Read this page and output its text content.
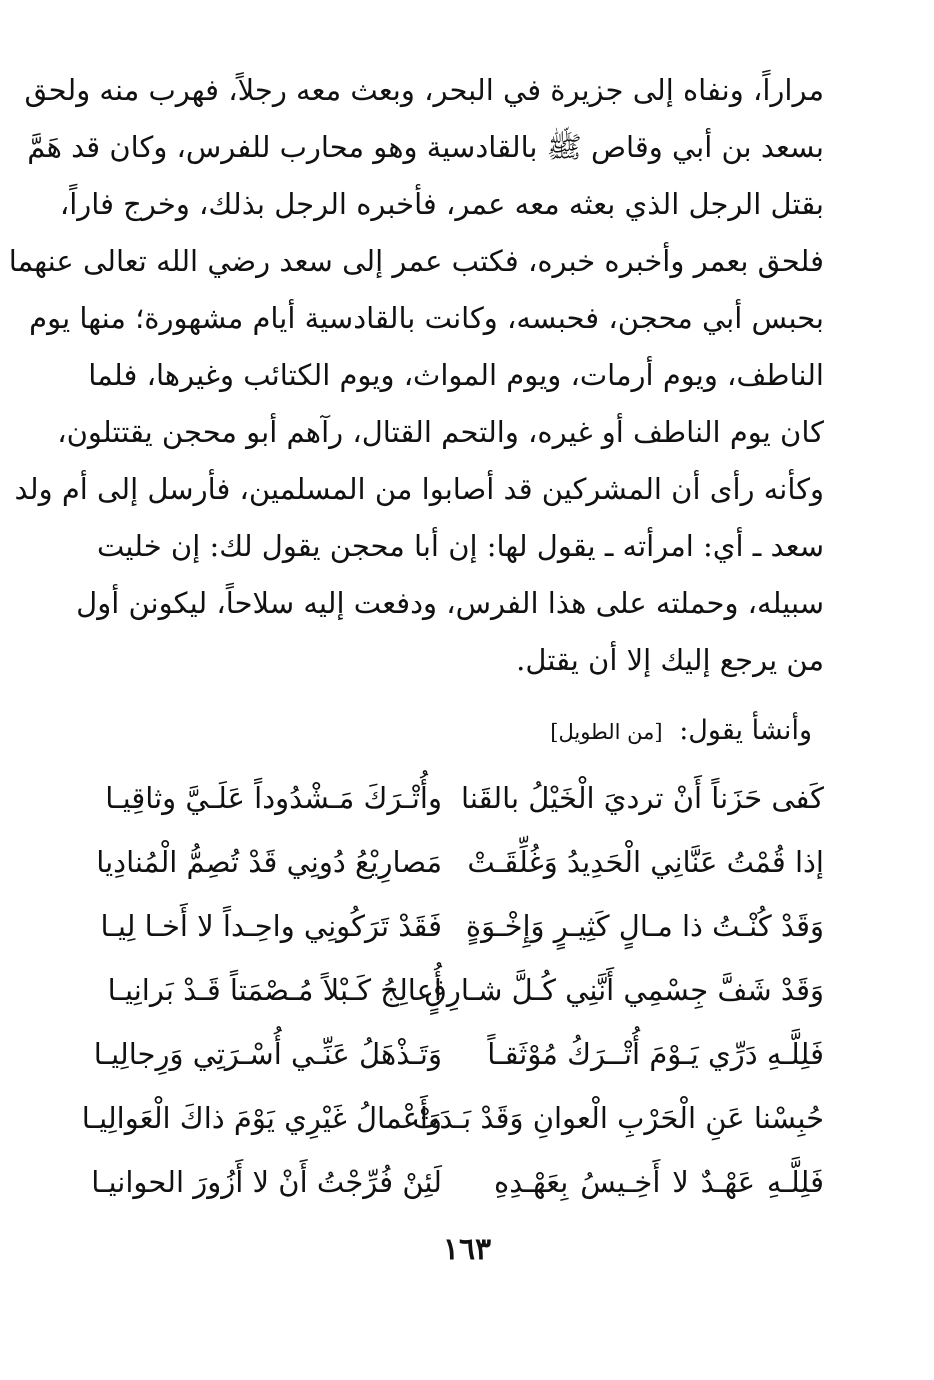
مراراً، ونفاه إلى جزيرة في البحر، وبعث معه رجلاً، فهرب منه ولحق
بسعد بن أبي وقاص ﷺ بالقادسية وهو محارب للفرس، وكان قد هَمَّ
بقتل الرجل الذي بعثه معه عمر، فأخبره الرجل بذلك، وخرج فاراً،
فلحق بعمر وأخبره خبره، فكتب عمر إلى سعد رضي الله تعالى عنهما
بحبس أبي محجن، فحبسه، وكانت بالقادسية أيام مشهورة؛ منها يوم
الناطف، ويوم أرمات، ويوم المواث، ويوم الكتائب وغيرها، فلما
كان يوم الناطف أو غيره، والتحم القتال، رآهم أبو محجن يقتتلون،
وكأنه رأى أن المشركين قد أصابوا من المسلمين، فأرسل إلى أم ولد
سعد ـ أي: امرأته ـ يقول لها: إن أبا محجن يقول لك: إن خليت
سبيله، وحملته على هذا الفرس، ودفعت إليه سلاحاً، ليكونن أول
من يرجع إليك إلا أن يقتل.
وأنشأ يقول: [من الطويل]
كَفى حَزَناً أَنْ ترديَ الْخَيْلُ بالقَنا
وأُتْـرَكَ مَـشْدُوداً عَلَـيَّ وثاقِيـا
إذا قُمْتُ عَنَّانِي الْحَدِيدُ وَغُلِّقَـتْ
مَصارِيْعُ دُونِي قَدْ تُصِمُّ الْمُنادِيا
وَقَدْ كُنْـتُ ذا مـالٍ كَثِيـرٍ وَإِخْـوَةٍ
فَقَدْ تَرَكُونِي واحِـداً لا أَخـا لِيـا
وَقَدْ شَفَّ جِسْمِي أَنَّنِي كُـلَّ شـارِقٍ
أُعالِجُ كَـبْلاً مُـصْمَتاً قَـدْ بَرانِيـا
فَلِلَّـهِ دَرِّي يَـوْمَ أُتْــرَكُ مُوْثَقـاً
وَتَـذْهَلُ عَنِّـي أُسْـرَتِي وَرِجالِيـا
حُبِسْنا عَنِ الْحَرْبِ الْعوانِ وَقَدْ بَـدَتْ
وَأَعْمالُ غَيْرِي يَوْمَ ذاكَ الْعَوالِيـا
فَلِلَّـهِ عَهْـدٌ لا أَخِـيسُ بِعَهْـدِهِ
لَئِنْ فُرِّجْتُ أَنْ لا أَزُورَ الحوانيـا
١٦٣
